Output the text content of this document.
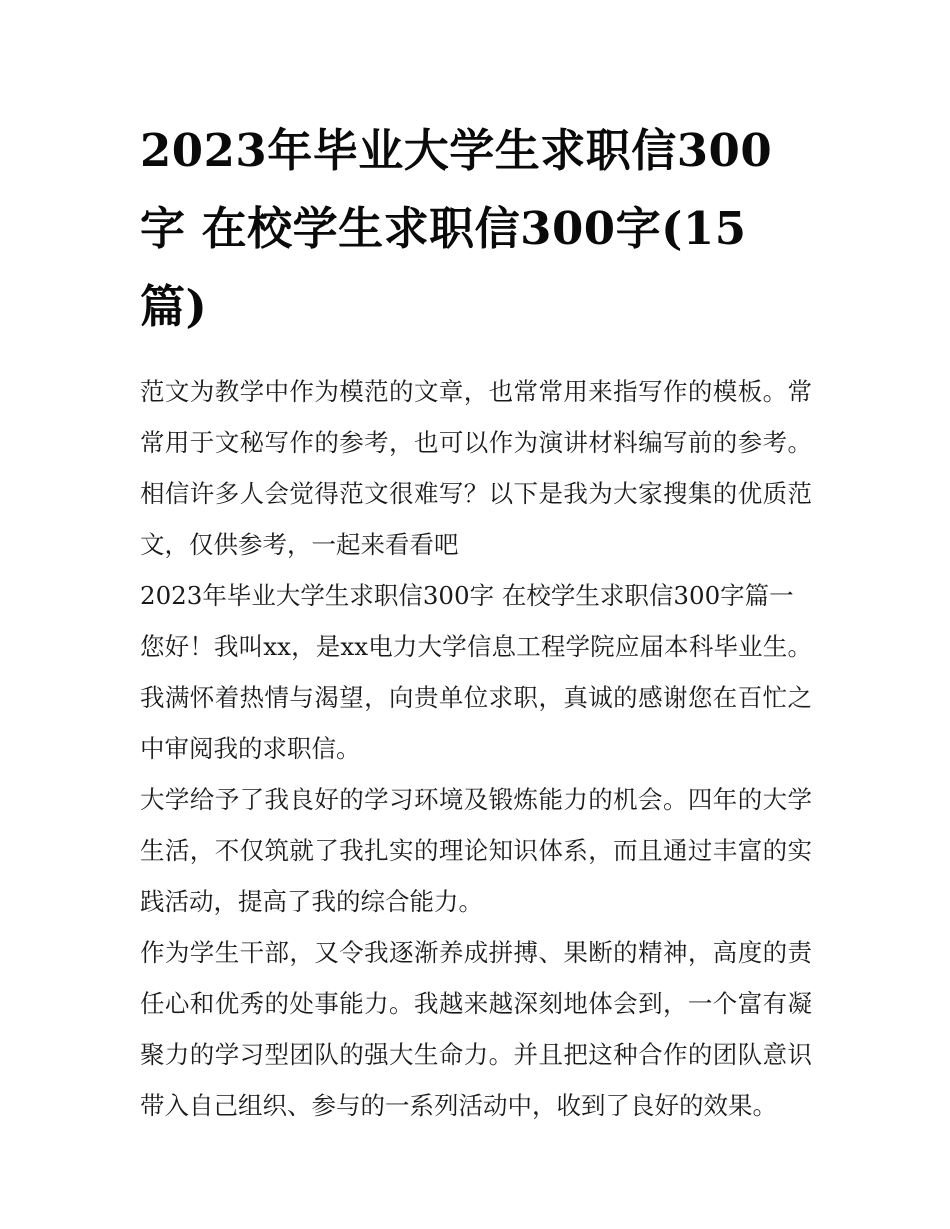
2023年毕业大学生求职信300字 在校学生求职信300字(15篇)

范文为教学中作为模范的文章，也常常用来指写作的模板。常常用于文秘写作的参考，也可以作为演讲材料编写前的参考。相信许多人会觉得范文很难写？以下是我为大家搜集的优质范文，仅供参考，一起来看看吧

2023年毕业大学生求职信300字 在校学生求职信300字篇一

您好！我叫xx，是xx电力大学信息工程学院应届本科毕业生。我满怀着热情与渴望，向贵单位求职，真诚的感谢您在百忙之中审阅我的求职信。

大学给予了我良好的学习环境及锻炼能力的机会。四年的大学生活，不仅筑就了我扎实的理论知识体系，而且通过丰富的实践活动，提高了我的综合能力。

作为学生干部，又令我逐渐养成拼搏、果断的精神，高度的责任心和优秀的处事能力。我越来越深刻地体会到，一个富有凝聚力的学习型团队的强大生命力。并且把这种合作的团队意识带入自己组织、参与的一系列活动中，收到了良好的效果。
